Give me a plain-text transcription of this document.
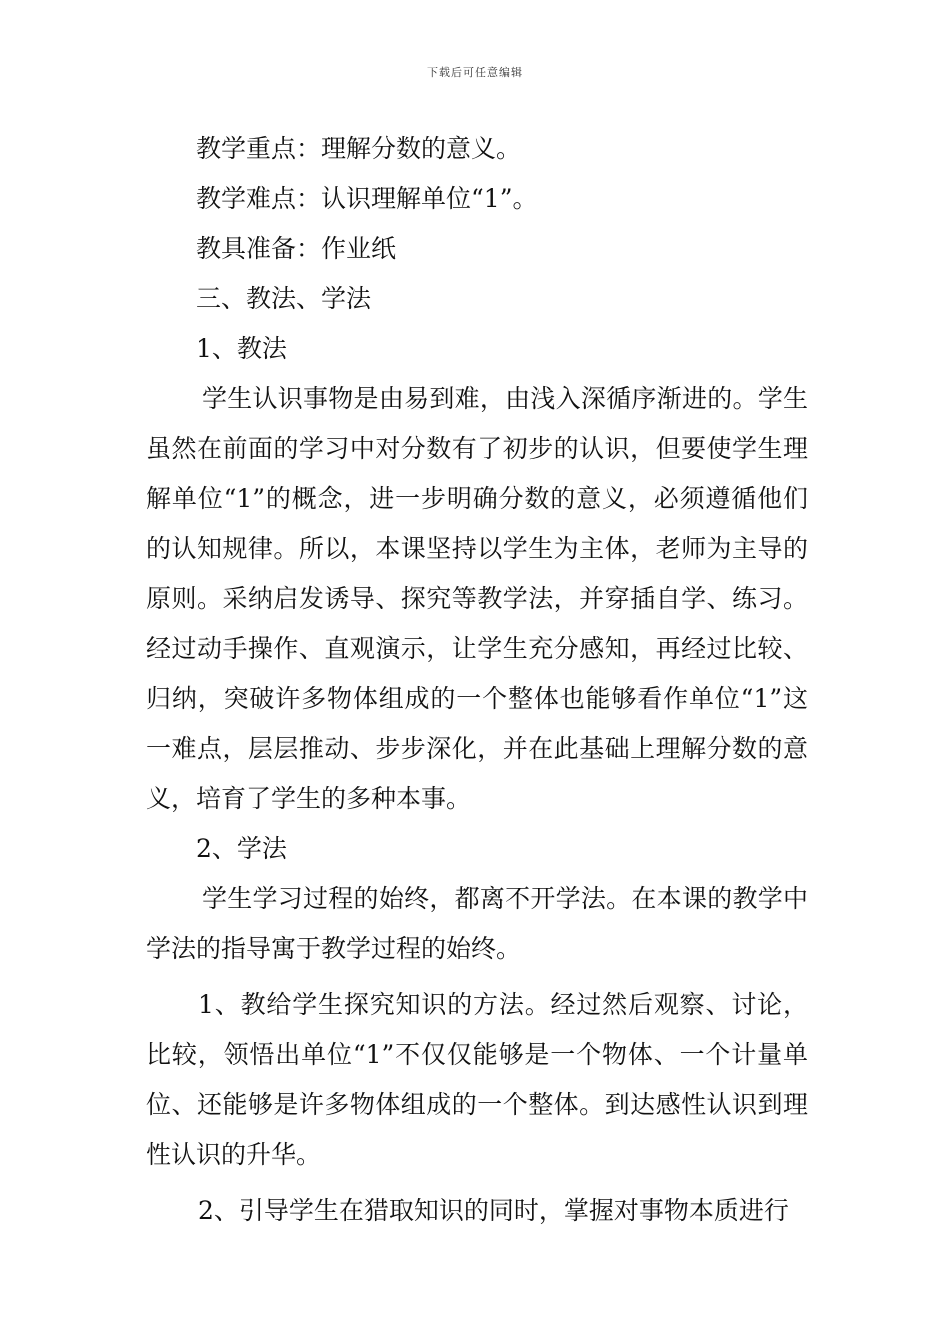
下载后可任意编辑
教学重点：理解分数的意义。
教学难点：认识理解单位“1”。
教具准备：作业纸
三、教法、学法
1、教法

学生认识事物是由易到难，由浅入深循序渐进的。学生虽然在前面的学习中对分数有了初步的认识，但要使学生理解单位“1”的概念，进一步明确分数的意义，必须遵循他们的认知规律。所以，本课坚持以学生为主体，老师为主导的原则。采纳启发诱导、探究等教学法，并穿插自学、练习。经过动手操作、直观演示，让学生充分感知，再经过比较、归纳，突破许多物体组成的一个整体也能够看作单位“1”这一难点，层层推动、步步深化，并在此基础上理解分数的意义，培育了学生的多种本事。

2、学法

学生学习过程的始终，都离不开学法。在本课的教学中学法的指导寓于教学过程的始终。

1、教给学生探究知识的方法。经过然后观察、讨论，比较，领悟出单位“1”不仅仅能够是一个物体、一个计量单位、还能够是许多物体组成的一个整体。到达感性认识到理性认识的升华。

2、引导学生在猎取知识的同时，掌握对事物本质进行
